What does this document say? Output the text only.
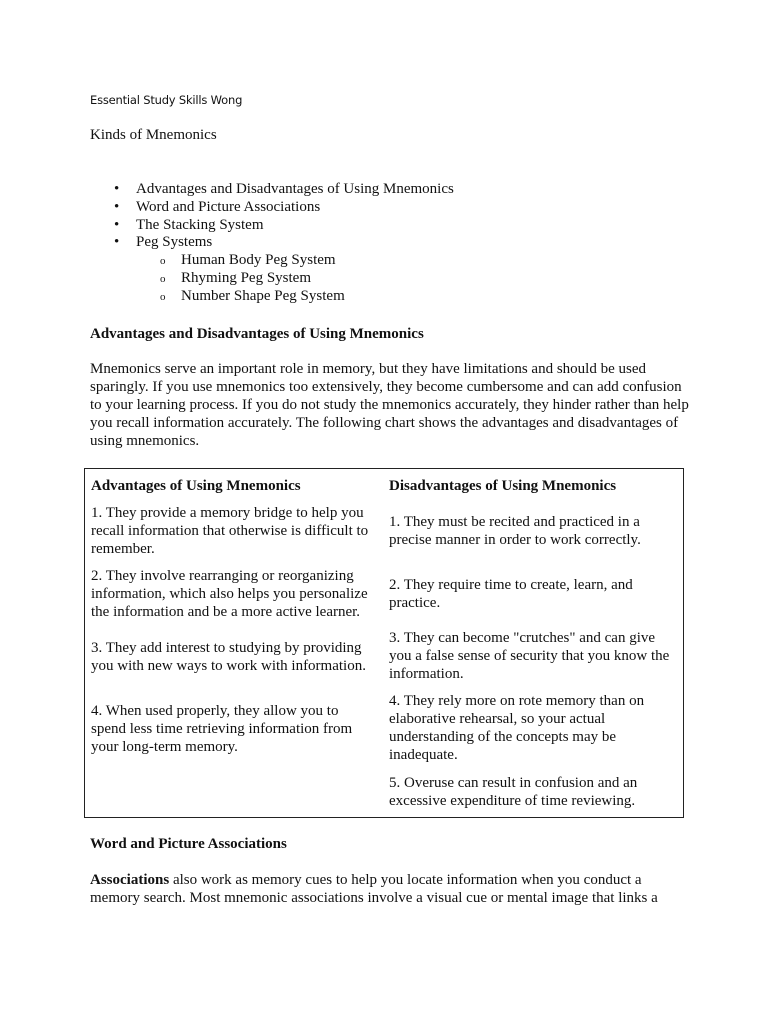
Essential Study Skills Wong
Kinds of Mnemonics
• Advantages and Disadvantages of Using Mnemonics
• Word and Picture Associations
• The Stacking System
• Peg Systems
o Human Body Peg System
o Rhyming Peg System
o Number Shape Peg System
Advantages and Disadvantages of Using Mnemonics
Mnemonics serve an important role in memory, but they have limitations and should be used sparingly. If you use mnemonics too extensively, they become cumbersome and can add confusion to your learning process. If you do not study the mnemonics accurately, they hinder rather than help you recall information accurately. The following chart shows the advantages and disadvantages of using mnemonics.
Advantages of Using Mnemonics	Disadvantages of Using Mnemonics
1. They provide a memory bridge to help you recall information that otherwise is difficult to remember.
2. They involve rearranging or reorganizing information, which also helps you personalize the information and be a more active learner.
3. They add interest to studying by providing you with new ways to work with information.
4. When used properly, they allow you to spend less time retrieving information from your long-term memory.
1. They must be recited and practiced in a precise manner in order to work correctly.
2. They require time to create, learn, and practice.
3. They can become "crutches" and can give you a false sense of security that you know the information.
4. They rely more on rote memory than on elaborative rehearsal, so your actual understanding of the concepts may be inadequate.
5. Overuse can result in confusion and an excessive expenditure of time reviewing.
Word and Picture Associations
Associations also work as memory cues to help you locate information when you conduct a memory search. Most mnemonic associations involve a visual cue or mental image that links a
